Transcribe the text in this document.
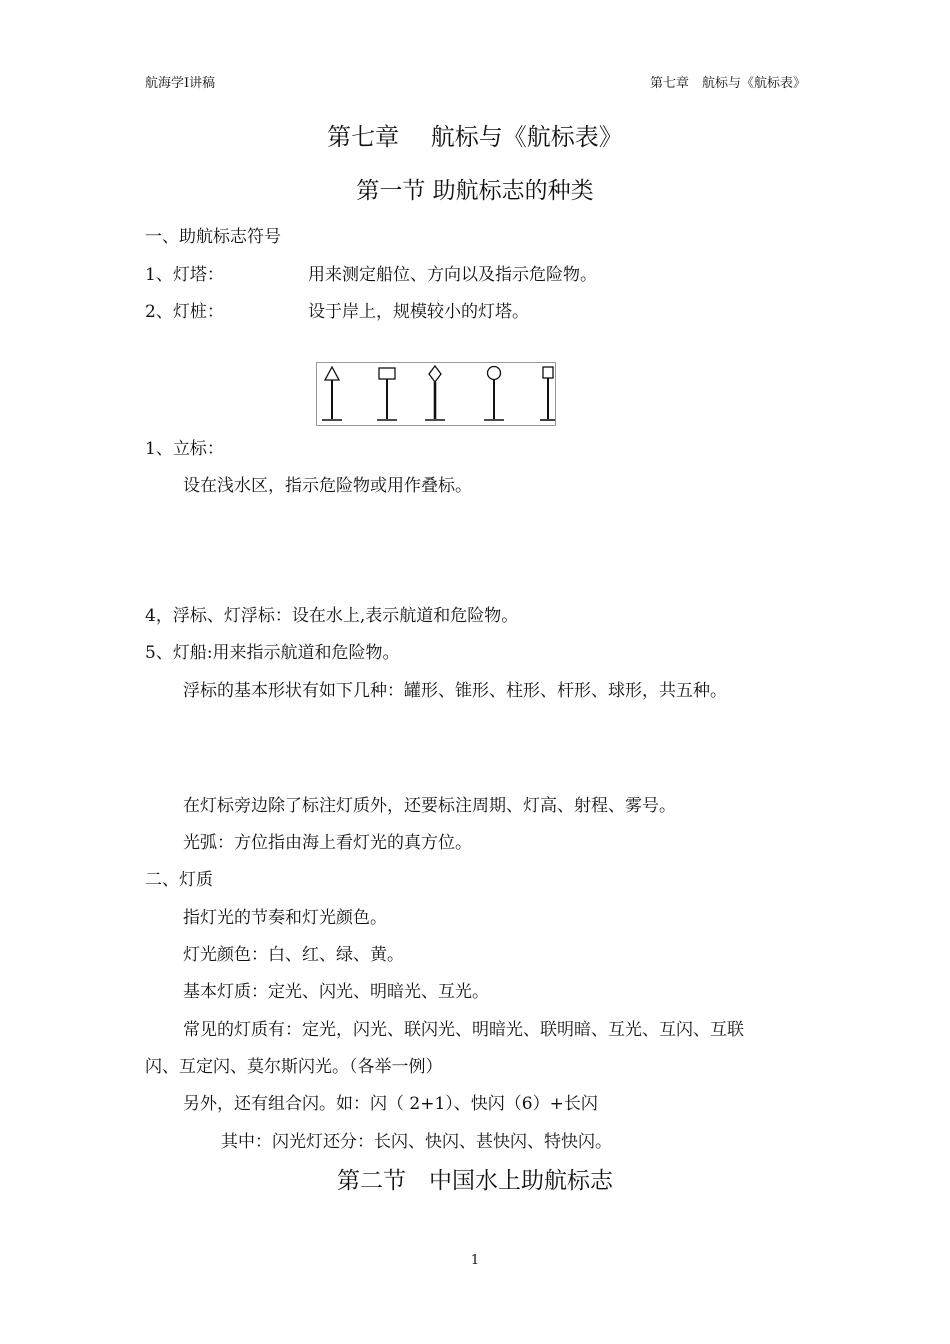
航海学Ⅰ讲稿	第七章　航标与《航标表》
第七章　 航标与《航标表》
第一节 助航标志的种类
一、助航标志符号
1、灯塔：	用来测定船位、方向以及指示危险物。
2、灯桩：	设于岸上，规模较小的灯塔。
1、立标：
设在浅水区，指示危险物或用作叠标。
4，浮标、灯浮标：设在水上,表示航道和危险物。
5、灯船:用来指示航道和危险物。
浮标的基本形状有如下几种：罐形、锥形、柱形、杆形、球形，共五种。
在灯标旁边除了标注灯质外，还要标注周期、灯高、射程、雾号。
光弧：方位指由海上看灯光的真方位。
二、灯质
指灯光的节奏和灯光颜色。
灯光颜色：白、红、绿、黄。
基本灯质：定光、闪光、明暗光、互光。
常见的灯质有：定光，闪光、联闪光、明暗光、联明暗、互光、互闪、互联
闪、互定闪、莫尔斯闪光。（各举一例）
另外，还有组合闪。如：闪（ 2+1）、快闪（6）+长闪
其中：闪光灯还分：长闪、快闪、甚快闪、特快闪。
第二节　中国水上助航标志
1
